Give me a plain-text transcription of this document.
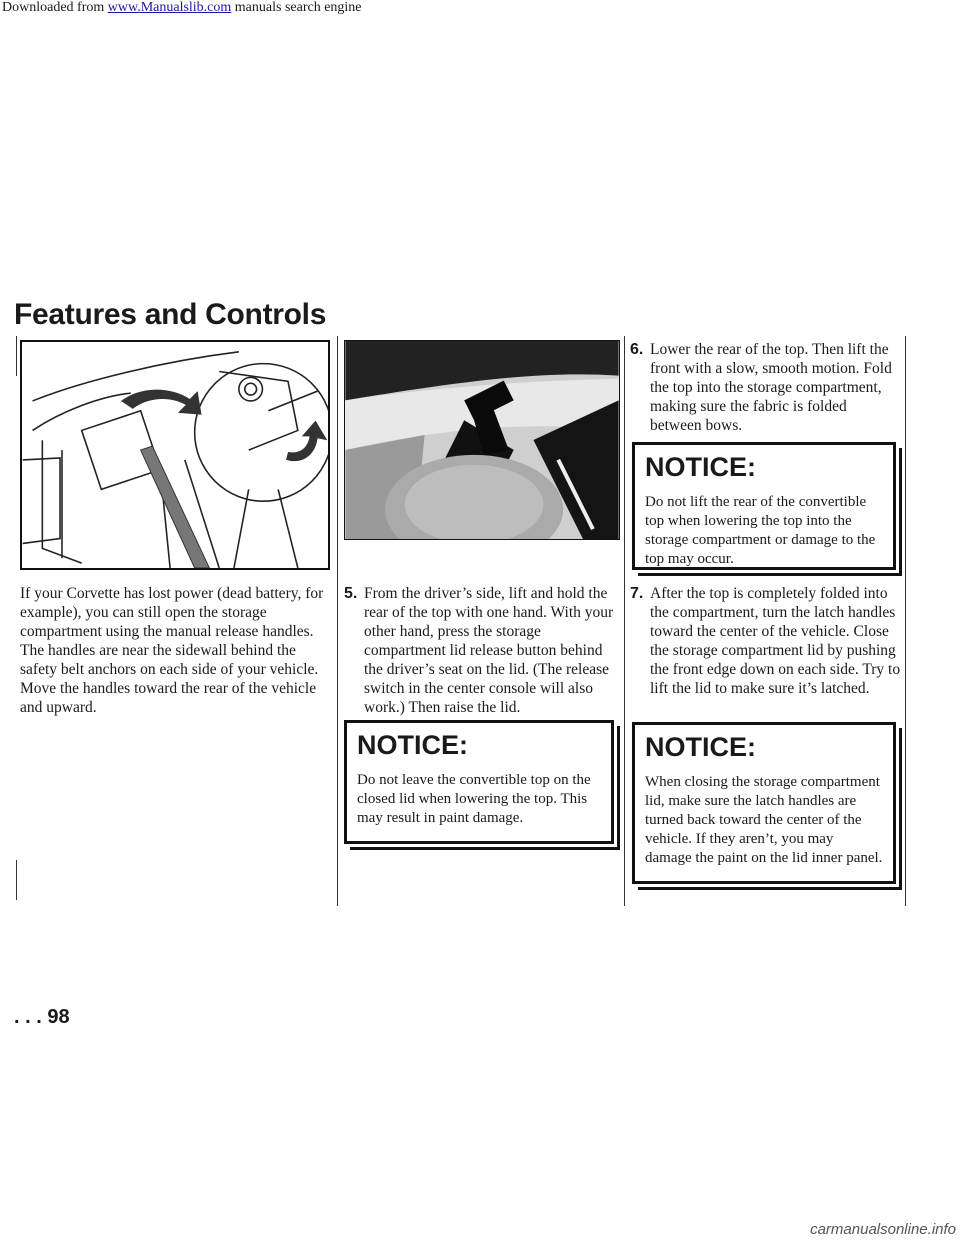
Downloaded from www.Manualslib.com manuals search engine
Features and Controls

If your Corvette has lost power (dead battery, for example), you can still open the storage compartment using the manual release handles. The handles are near the sidewall behind the safety belt anchors on each side of your vehicle. Move the handles toward the rear of the vehicle and upward.

5. From the driver’s side, lift and hold the rear of the top with one hand. With your other hand, press the storage compartment lid release button behind the driver’s seat on the lid. (The release switch in the center console will also work.) Then raise the lid.
NOTICE:
Do not leave the convertible top on the closed lid when lowering the top. This may result in paint damage.
6. Lower the rear of the top. Then lift the front with a slow, smooth motion. Fold the top into the storage compartment, making sure the fabric is folded between bows.
NOTICE:
Do not lift the rear of the convertible top when lowering the top into the storage compartment or damage to the top may occur.
7. After the top is completely folded into the compartment, turn the latch handles toward the center of the vehicle. Close the storage compartment lid by pushing the front edge down on each side. Try to lift the lid to make sure it’s latched.
NOTICE:
When closing the storage compartment lid, make sure the latch handles are turned back toward the center of the vehicle. If they aren’t, you may damage the paint on the lid inner panel.
. . . 98
carmanualsonline.info
